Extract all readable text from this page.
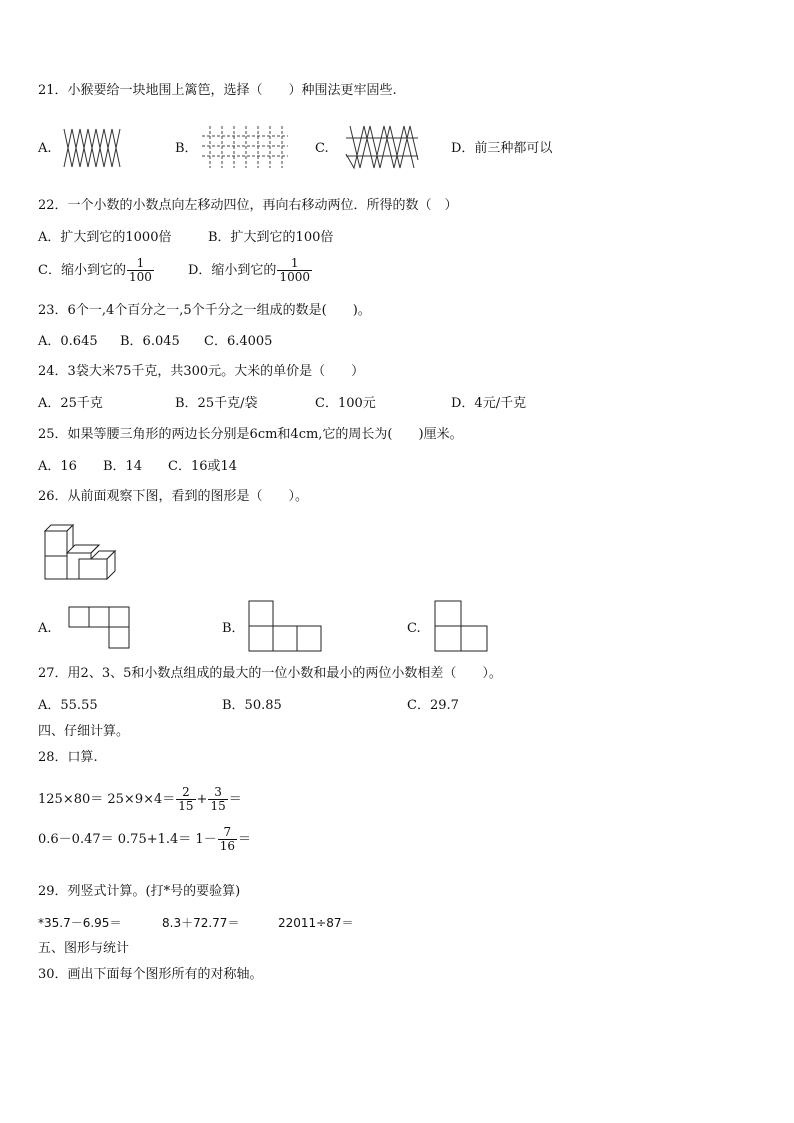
21．小猴要给一块地围上篱笆，选择（　　）种围法更牢固些.
A.	B．	C.	D．前三种都可以
22．一个小数的小数点向左移动四位，再向右移动两位．所得的数（　）
A．扩大到它的1000倍	B．扩大到它的100倍
C．缩小到它的 $\frac{1}{100}$	D．缩小到它的 $\frac{1}{1000}$
23．6个一,4个百分之一,5个千分之一组成的数是(　　)。
A．0.645 B．6.045 C．6.4005
24．3袋大米75千克，共300元。大米的单价是（　　）
A．25千克	B．25千克/袋	C．100元	D．4元/千克
25．如果等腰三角形的两边长分别是6cm和4cm,它的周长为(　　)厘米。
A．16 B．14 C．16或14
26．从前面观察下图，看到的图形是（　　）。
A.	B．	C.
27．用2、3、5和小数点组成的最大的一位小数和最小的两位小数相差（　　）。
A．55.55	B．50.85	C．29.7
四、仔细计算。
28．口算.
$125\times 80= 25\times 9\times 4= \frac{2}{15} + \frac{3}{15}$ ＝
$0.6-0.47= 0.75+1.4= 1- \frac{7}{16}$ ＝
29．列竖式计算。(打*号的要验算)
*35.7－6.95＝	8.3＋72.77＝	22011÷87＝
五、图形与统计
30．画出下面每个图形所有的对称轴。
